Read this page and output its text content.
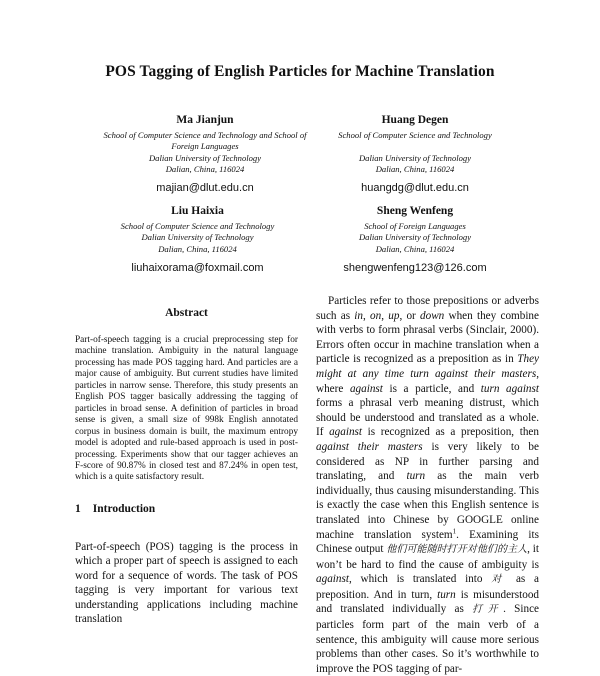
POS Tagging of English Particles for Machine Translation
Ma Jianjun
School of Computer Science and Technology and School of
Foreign Languages
Dalian University of Technology
Dalian, China, 116024
majian@dlut.edu.cn
Huang Degen
School of Computer Science and Technology
Dalian University of Technology
Dalian, China, 116024
huangdg@dlut.edu.cn
Liu Haixia
School of Computer Science and Technology
Dalian University of Technology
Dalian, China, 116024
liuhaixorama@foxmail.com
Sheng Wenfeng
School of Foreign Languages
Dalian University of Technology
Dalian, China, 116024
shengwenfeng123@126.com
Abstract
Part-of-speech tagging is a crucial preprocessing step for machine translation. Ambiguity in the natural language processing has made POS tagging hard. And particles are a major cause of ambiguity. But current studies have limited particles in narrow sense. Therefore, this study presents an English POS tagger basically addressing the tagging of particles in broad sense. A definition of particles in broad sense is given, a small size of 998k English annotated corpus in business domain is built, the maximum entropy model is adopted and rule-based approach is used in post-processing. Experiments show that our tagger achieves an F-score of 90.87% in closed test and 87.24% in open test, which is a quite satisfactory result.
1 Introduction
Part-of-speech (POS) tagging is the process in which a proper part of speech is assigned to each word for a sequence of words. The task of POS tagging is very important for various text understanding applications including machine translation
Particles refer to those prepositions or adverbs such as in, on, up, or down when they combine with verbs to form phrasal verbs (Sinclair, 2000). Errors often occur in machine translation when a particle is recognized as a preposition as in They might at any time turn against their masters, where against is a particle, and turn against forms a phrasal verb meaning distrust, which should be understood and translated as a whole. If against is recognized as a preposition, then against their masters is very likely to be considered as NP in further parsing and translating, and turn as the main verb individually, thus causing misunderstanding. This is exactly the case when this English sentence is translated into Chinese by GOOGLE online machine translation system$^1$. Examining its Chinese output 他们可能随时打开对他们的主人, it won’t be hard to find the cause of ambiguity is against, which is translated into 对 as a preposition. And in turn, turn is misunderstood and translated individually as 打开. Since particles form part of the main verb of a sentence, this ambiguity will cause more serious problems than other cases. So it’s worthwhile to improve the POS tagging of par-
